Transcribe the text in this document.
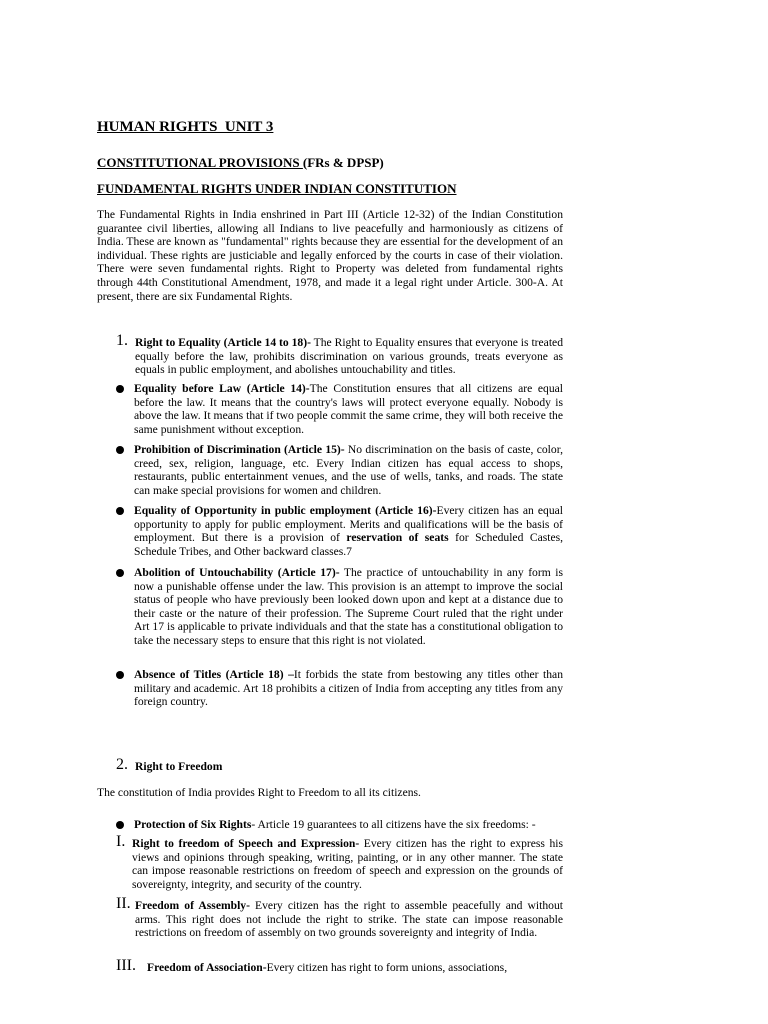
HUMAN RIGHTS  UNIT 3
CONSTITUTIONAL PROVISIONS (FRs & DPSP)
FUNDAMENTAL RIGHTS UNDER INDIAN CONSTITUTION

The Fundamental Rights in India enshrined in Part III (Article 12-32) of the Indian Constitution guarantee civil liberties, allowing all Indians to live peacefully and harmoniously as citizens of India. These are known as "fundamental" rights because they are essential for the development of an individual. These rights are justiciable and legally enforced by the courts in case of their violation. There were seven fundamental rights. Right to Property was deleted from fundamental rights through 44th Constitutional Amendment, 1978, and made it a legal right under Article. 300-A. At present, there are six Fundamental Rights.

1. Right to Equality (Article 14 to 18)- The Right to Equality ensures that everyone is treated equally before the law, prohibits discrimination on various grounds, treats everyone as equals in public employment, and abolishes untouchability and titles.
Equality before Law (Article 14)-The Constitution ensures that all citizens are equal before the law. It means that the country's laws will protect everyone equally. Nobody is above the law. It means that if two people commit the same crime, they will both receive the same punishment without exception.
Prohibition of Discrimination (Article 15)- No discrimination on the basis of caste, color, creed, sex, religion, language, etc. Every Indian citizen has equal access to shops, restaurants, public entertainment venues, and the use of wells, tanks, and roads. The state can make special provisions for women and children.
Equality of Opportunity in public employment (Article 16)-Every citizen has an equal opportunity to apply for public employment. Merits and qualifications will be the basis of employment. But there is a provision of reservation of seats for Scheduled Castes, Schedule Tribes, and Other backward classes.7
Abolition of Untouchability (Article 17)- The practice of untouchability in any form is now a punishable offense under the law. This provision is an attempt to improve the social status of people who have previously been looked down upon and kept at a distance due to their caste or the nature of their profession. The Supreme Court ruled that the right under Art 17 is applicable to private individuals and that the state has a constitutional obligation to take the necessary steps to ensure that this right is not violated.
Absence of Titles (Article 18) –It forbids the state from bestowing any titles other than military and academic. Art 18 prohibits a citizen of India from accepting any titles from any foreign country.
2. Right to Freedom

The constitution of India provides Right to Freedom to all its citizens.

Protection of Six Rights- Article 19 guarantees to all citizens have the six freedoms: -
I. Right to freedom of Speech and Expression- Every citizen has the right to express his views and opinions through speaking, writing, painting, or in any other manner. The state can impose reasonable restrictions on freedom of speech and expression on the grounds of sovereignty, integrity, and security of the country.
II. Freedom of Assembly- Every citizen has the right to assemble peacefully and without arms. This right does not include the right to strike. The state can impose reasonable restrictions on freedom of assembly on two grounds sovereignty and integrity of India.
III. Freedom of Association-Every citizen has right to form unions, associations,
